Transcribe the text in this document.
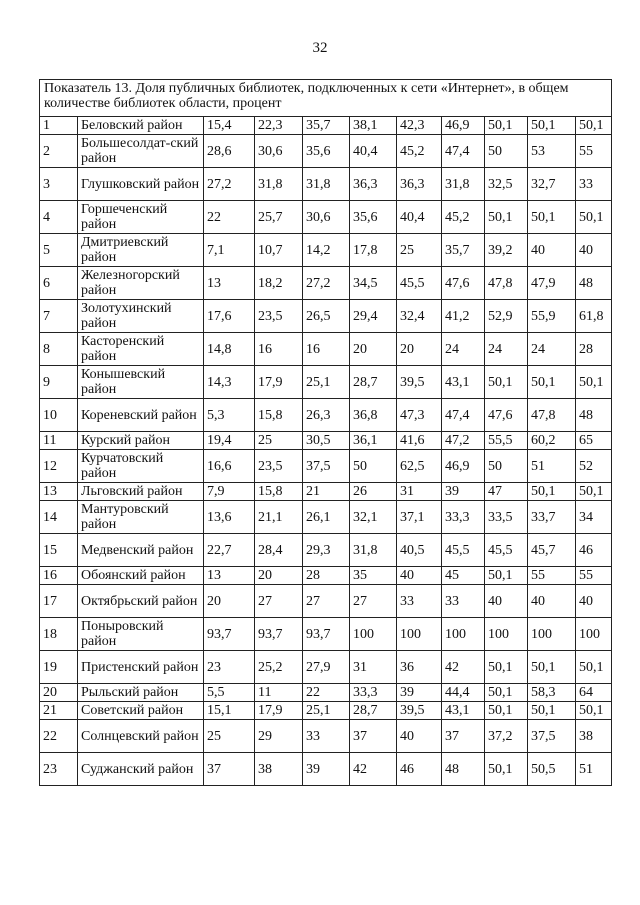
32
Показатель 13. Доля публичных библиотек, подключенных к сети «Интернет», в общем количестве библиотек области, процент										
1	Беловский район	15,4	22,3	35,7	38,1	42,3	46,9	50,1	50,1	50,1
2	Большесолдат-ский район	28,6	30,6	35,6	40,4	45,2	47,4	50	53	55
3	Глушковский район	27,2	31,8	31,8	36,3	36,3	31,8	32,5	32,7	33
4	Горшеченский район	22	25,7	30,6	35,6	40,4	45,2	50,1	50,1	50,1
5	Дмитриевский район	7,1	10,7	14,2	17,8	25	35,7	39,2	40	40
6	Железногорский район	13	18,2	27,2	34,5	45,5	47,6	47,8	47,9	48
7	Золотухинский район	17,6	23,5	26,5	29,4	32,4	41,2	52,9	55,9	61,8
8	Касторенский район	14,8	16	16	20	20	24	24	24	28
9	Конышевский район	14,3	17,9	25,1	28,7	39,5	43,1	50,1	50,1	50,1
10	Кореневский район	5,3	15,8	26,3	36,8	47,3	47,4	47,6	47,8	48
11	Курский район	19,4	25	30,5	36,1	41,6	47,2	55,5	60,2	65
12	Курчатовский район	16,6	23,5	37,5	50	62,5	46,9	50	51	52
13	Льговский район	7,9	15,8	21	26	31	39	47	50,1	50,1
14	Мантуровский район	13,6	21,1	26,1	32,1	37,1	33,3	33,5	33,7	34
15	Медвенский район	22,7	28,4	29,3	31,8	40,5	45,5	45,5	45,7	46
16	Обоянский район	13	20	28	35	40	45	50,1	55	55
17	Октябрьский район	20	27	27	27	33	33	40	40	40
18	Поныровский район	93,7	93,7	93,7	100	100	100	100	100	100
19	Пристенский район	23	25,2	27,9	31	36	42	50,1	50,1	50,1
20	Рыльский район	5,5	11	22	33,3	39	44,4	50,1	58,3	64
21	Советский район	15,1	17,9	25,1	28,7	39,5	43,1	50,1	50,1	50,1
22	Солнцевский район	25	29	33	37	40	37	37,2	37,5	38
23	Суджанский район	37	38	39	42	46	48	50,1	50,5	51
